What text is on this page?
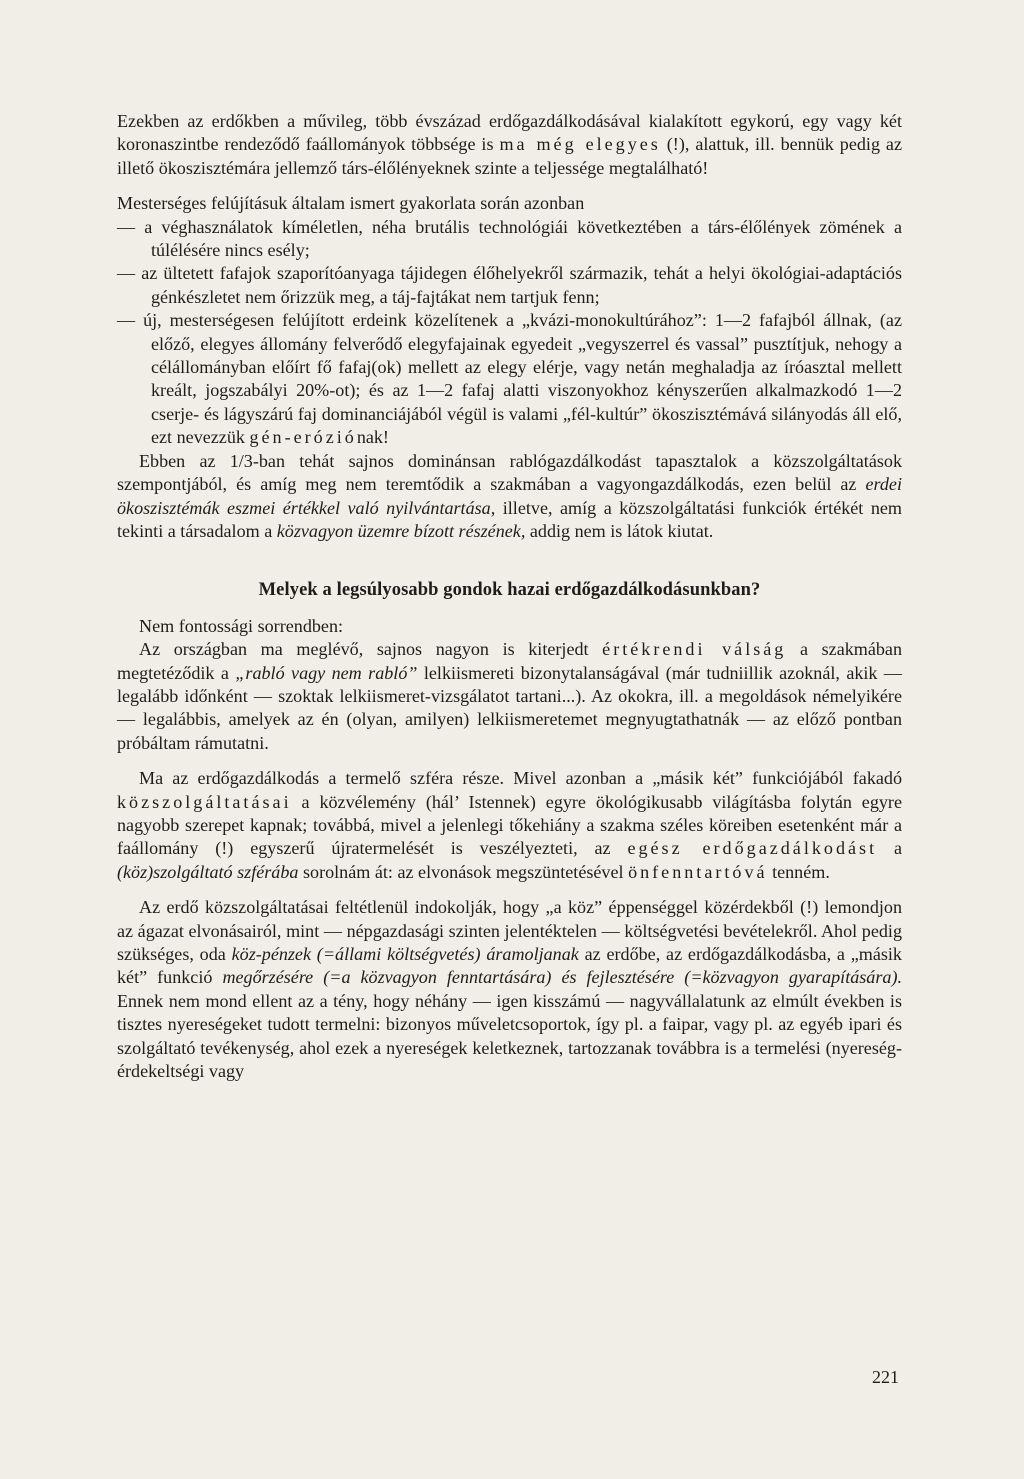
Ezekben az erdőkben a művileg, több évszázad erdőgazdálkodásával kialakított egykorú, egy vagy két koronaszintbe rendeződő faállományok többsége is ma még elegyes (!), alattuk, ill. bennük pedig az illető ökoszisztémára jellemző társ-élőlényeknek szinte a teljessége megtalálható!

Mesterséges felújításuk általam ismert gyakorlata során azonban

— a véghasználatok kíméletlen, néha brutális technológiái következtében a társ-élőlények zömének a túlélésére nincs esély;

— az ültetett fafajok szaporítóanyaga tájidegen élőhelyekről származik, tehát a helyi ökológiai-adaptációs génkészletet nem őrizzük meg, a táj-fajtákat nem tartjuk fenn;

— új, mesterségesen felújított erdeink közelítenek a „kvázi-monokultúrához”: 1—2 fafajból állnak, (az előző, elegyes állomány felverődő elegyfajainak egyedeit „vegyszerrel és vassal” pusztítjuk, nehogy a célállományban előírt fő fafaj(ok) mellett az elegy elérje, vagy netán meghaladja az íróasztal mellett kreált, jogszabályi 20%-ot); és az 1—2 fafaj alatti viszonyokhoz kényszerűen alkalmazkodó 1—2 cserje- és lágyszárú faj dominanciájából végül is valami „fél-kultúr” ökoszisztémává silányodás áll elő, ezt nevezzük gén-eróziónak!

Ebben az 1/3-ban tehát sajnos dominánsan rablógazdálkodást tapasztalok a közszolgáltatások szempontjából, és amíg meg nem teremtődik a szakmában a vagyongazdálkodás, ezen belül az erdei ökoszisztémák eszmei értékkel való nyilvántartása, illetve, amíg a közszolgáltatási funkciók értékét nem tekinti a társadalom a közvagyon üzemre bízott részének, addig nem is látok kiutat.

Melyek a legsúlyosabb gondok hazai erdőgazdálkodásunkban?

Nem fontossági sorrendben:

Az országban ma meglévő, sajnos nagyon is kiterjedt értékrendi válság a szakmában megtetéződik a „rabló vagy nem rabló” lelkiismereti bizonytalanságával (már tudniillik azoknál, akik — legalább időnként — szoktak lelkiismeret-vizsgálatot tartani...). Az okokra, ill. a megoldások némelyikére — legalábbis, amelyek az én (olyan, amilyen) lelkiismeretemet megnyugtathatnák — az előző pontban próbáltam rámutatni.

Ma az erdőgazdálkodás a termelő szféra része. Mivel azonban a „másik két” funkciójából fakadó közszolgáltatásai a közvélemény (hál’ Istennek) egyre ökológikusabb világításba folytán egyre nagyobb szerepet kapnak; továbbá, mivel a jelenlegi tőkehiány a szakma széles köreiben esetenként már a faállomány (!) egyszerű újratermelését is veszélyezteti, az egész erdőgazdálkodást a (köz)szolgáltató szférába sorolnám át: az elvonások megszüntetésével önfenntartóvá tenném.

Az erdő közszolgáltatásai feltétlenül indokolják, hogy „a köz” éppenséggel közérdekből (!) lemondjon az ágazat elvonásairól, mint — népgazdasági szinten jelentéktelen — költségvetési bevételekről. Ahol pedig szükséges, oda köz-pénzek (=állami költségvetés) áramoljanak az erdőbe, az erdőgazdálkodásba, a „másik két” funkció megőrzésére (=a közvagyon fenntartására) és fejlesztésére (=közvagyon gyarapítására). Ennek nem mond ellent az a tény, hogy néhány — igen kisszámú — nagyvállalatunk az elmúlt években is tisztes nyereségeket tudott termelni: bizonyos műveletcsoportok, így pl. a faipar, vagy pl. az egyéb ipari és szolgáltató tevékenység, ahol ezek a nyereségek keletkeznek, tartozzanak továbbra is a termelési (nyereség-érdekeltségi vagy

221
